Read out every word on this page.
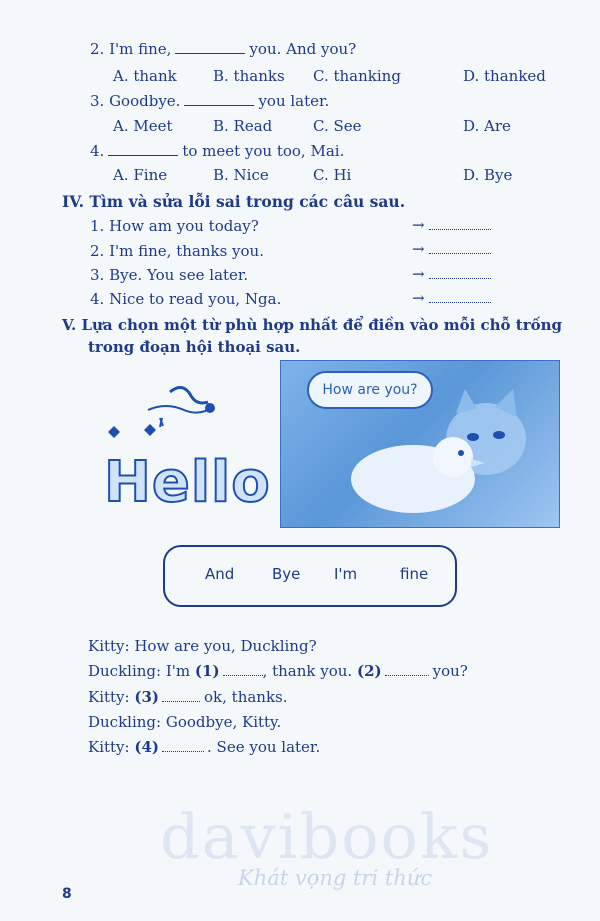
2. I'm fine,	you. And you?
A. thank B. thanks C. thanking	D. thanked
3. Goodbye.	you later.
A. Meet	B. Read	C. See	D. Are
4.	to meet you too, Mai.
A. Fine	B. Nice	C. Hi	D. Bye
IV. Tìm và sửa lỗi sai trong các câu sau.
1. How am you today?	→
2. I'm fine, thanks you.	→
3. Bye. You see later.	→
4. Nice to read you, Nga.	→
V. Lựa chọn một từ phù hợp nhất để điền vào mỗi chỗ trống
trong đoạn hội thoại sau.
Hello
How are you?
And	Bye I'm	fine
Kitty: How are you, Duckling?
Duckling: I'm (1)	, thank you. (2)	you?
Kitty: (3)	ok, thanks.
Duckling: Goodbye, Kitty.
Kitty: (4)	. See you later.
davibooks
Khát vọng tri thức
8
